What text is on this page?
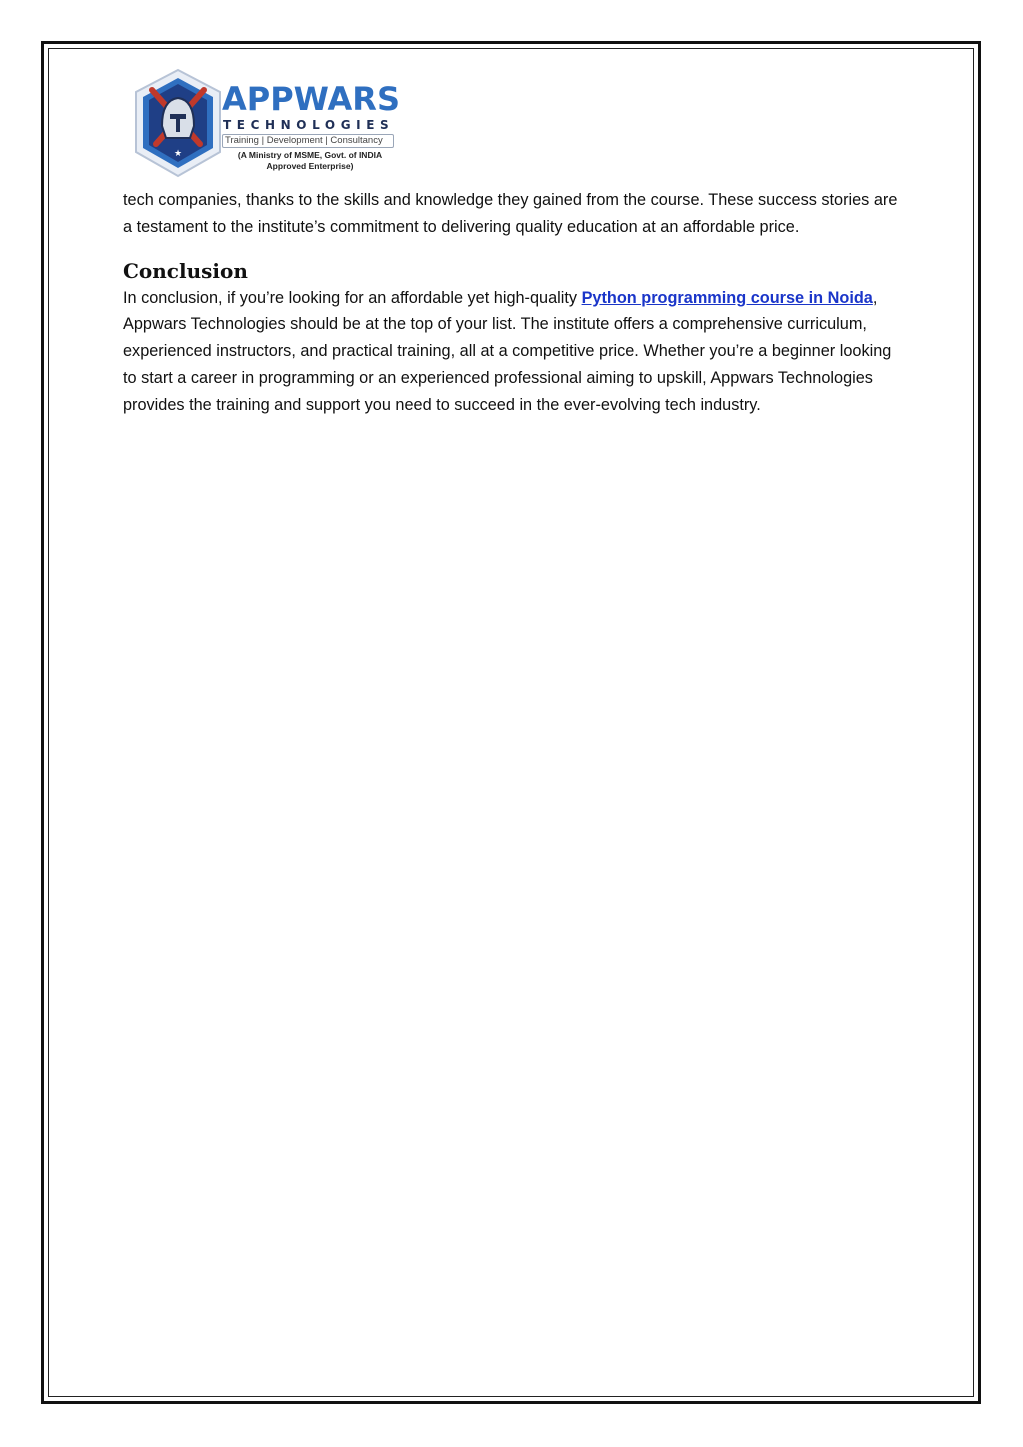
★
APPWARS
TECHNOLOGIES
Training | Development | Consultancy
(A Ministry of MSME, Govt. of INDIA Approved Enterprise)

tech companies, thanks to the skills and knowledge they gained from the course. These success stories are a testament to the institute’s commitment to delivering quality education at an affordable price.

Conclusion

In conclusion, if you’re looking for an affordable yet high-quality Python programming course in Noida, Appwars Technologies should be at the top of your list. The institute offers a comprehensive curriculum, experienced instructors, and practical training, all at a competitive price. Whether you’re a beginner looking to start a career in programming or an experienced professional aiming to upskill, Appwars Technologies provides the training and support you need to succeed in the ever-evolving tech industry.
